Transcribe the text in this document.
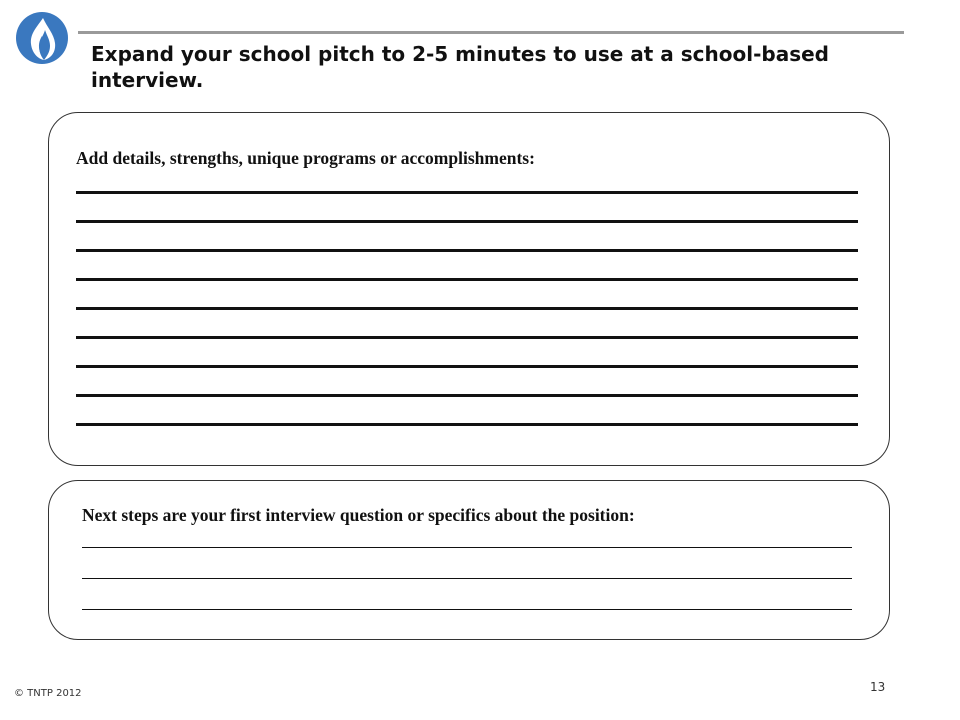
Expand your school pitch to 2-5 minutes to use at a school-based interview.

Add details, strengths, unique programs or accomplishments:

Next steps are your first interview question or specifics about the position:

© TNTP 2012	13
